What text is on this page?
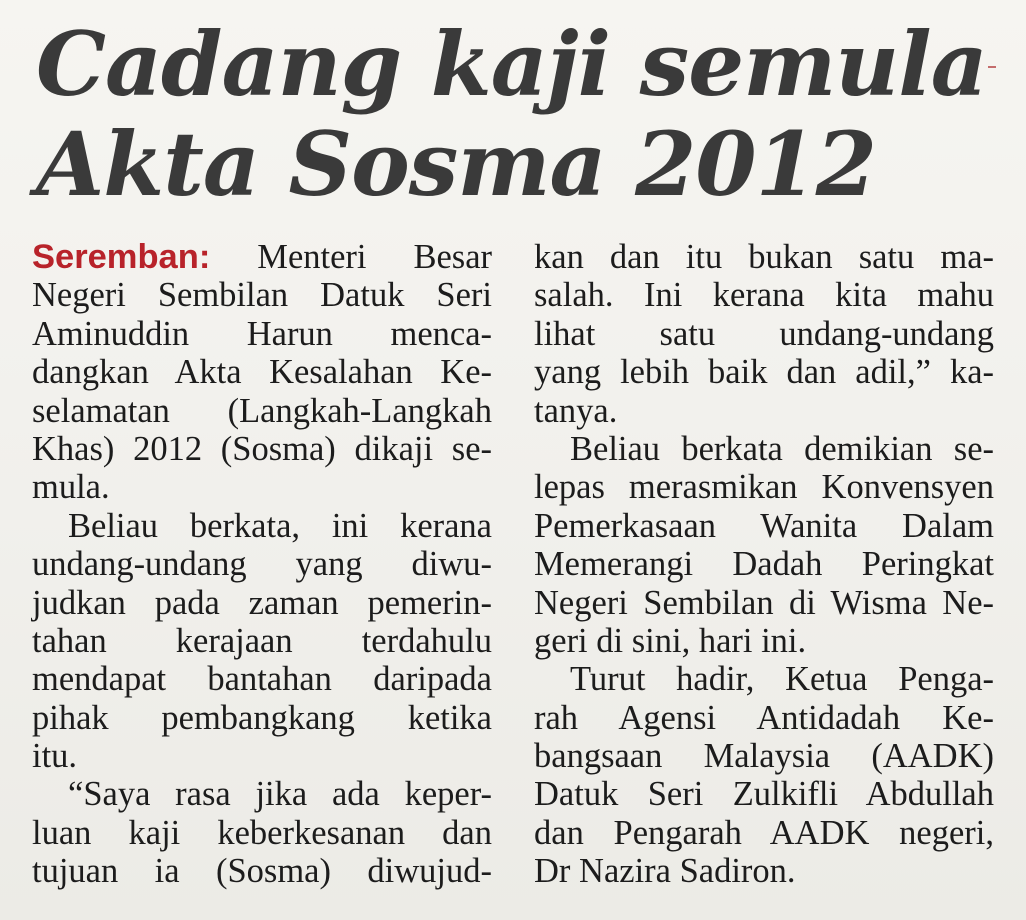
Cadang kaji semula
Akta Sosma 2012
Seremban: Menteri Besar
Negeri Sembilan Datuk Seri
Aminuddin Harun menca-
dangkan Akta Kesalahan Ke-
selamatan (Langkah-Langkah
Khas) 2012 (Sosma) dikaji se-
mula.
Beliau berkata, ini kerana
undang-undang yang diwu-
judkan pada zaman pemerin-
tahan kerajaan terdahulu
mendapat bantahan daripada
pihak pembangkang ketika
itu.
“Saya rasa jika ada keper-
luan kaji keberkesanan dan
tujuan ia (Sosma) diwujud-
kan dan itu bukan satu ma-
salah. Ini kerana kita mahu
lihat satu undang-undang
yang lebih baik dan adil,” ka-
tanya.
Beliau berkata demikian se-
lepas merasmikan Konvensyen
Pemerkasaan Wanita Dalam
Memerangi Dadah Peringkat
Negeri Sembilan di Wisma Ne-
geri di sini, hari ini.
Turut hadir, Ketua Penga-
rah Agensi Antidadah Ke-
bangsaan Malaysia (AADK)
Datuk Seri Zulkifli Abdullah
dan Pengarah AADK negeri,
Dr Nazira Sadiron.
